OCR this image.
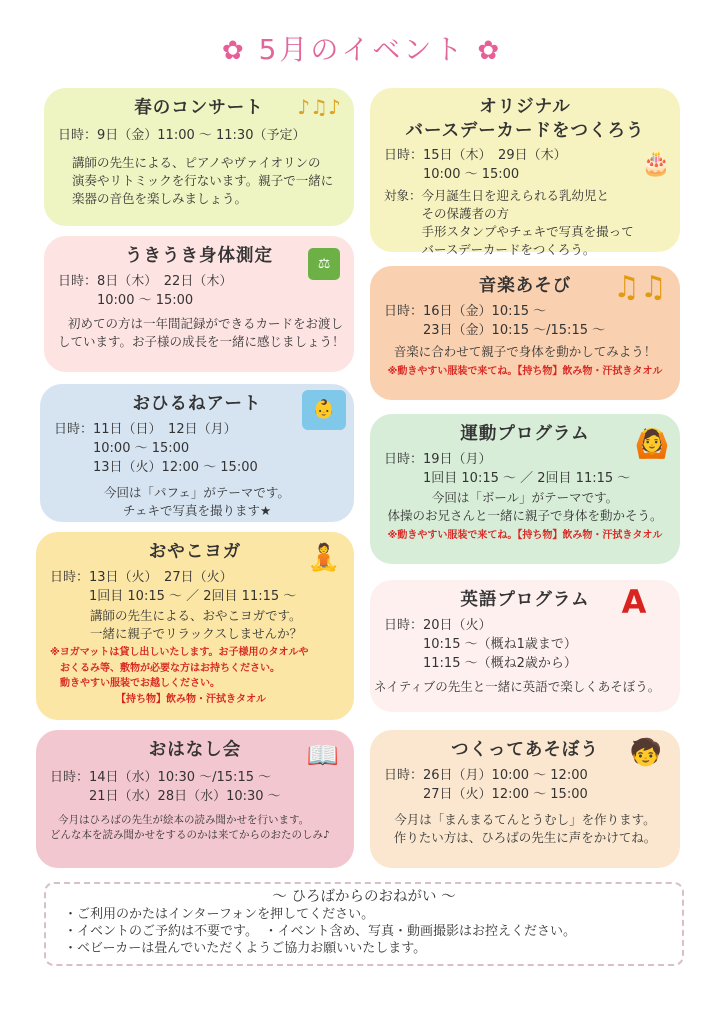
✿ 5月のイベント ✿
春のコンサート	♪♫♪
日時：9日（金）11:00 ～ 11:30（予定）
講師の先生による、ピアノやヴァイオリンの
演奏やリトミックを行ないます。親子で一緒に
楽器の音色を楽しみましょう。
うきうき身体測定	⚖
日時：8日（木）　22日（木）
　　　10:00 ～ 15:00
初めての方は一年間記録ができるカードをお渡し
しています。お子様の成長を一緒に感じましょう！
おひるねアート	👶
日時：11日（日）　12日（月）
　　　10:00 ～ 15:00
　　　13日（火）12:00 ～ 15:00
今回は「パフェ」がテーマです。
チェキで写真を撮ります★
おやこヨガ	🧘
日時：13日（火）　27日（火）
　　　1回目 10:15 ～ ／ 2回目 11:15 ～
講師の先生による、おやこヨガです。
一緒に親子でリラックスしませんか？
※ヨガマットは貸し出しいたします。お子様用のタオルや
おくるみ等、敷物が必要な方はお持ちください。
動きやすい服装でお越しください。
【持ち物】飲み物・汗拭きタオル
おはなし会	📖
日時：14日（水）10:30 ～/15:15 ～
　　　21日（水）28日（水）10:30 ～
今月はひろばの先生が絵本の読み聞かせを行います。
どんな本を読み聞かせをするのかは来てからのおたのしみ♪
オリジナル
バースデーカードをつくろう
🎂
日時：15日（木）　29日（木）
　　　10:00 ～ 15:00
対象：今月誕生日を迎えられる乳幼児と
　　　その保護者の方
　　　手形スタンプやチェキで写真を撮って
　　　バースデーカードをつくろう。
音楽あそび	♫♫
日時：16日（金）10:15 ～
　　　23日（金）10:15 ～/15:15 ～
音楽に合わせて親子で身体を動かしてみよう！
※動きやすい服装で来てね。【持ち物】飲み物・汗拭きタオル
運動プログラム	🙆
日時：19日（月）
　　　1回目 10:15 ～ ／ 2回目 11:15 ～
今回は「ボール」がテーマです。
体操のお兄さんと一緒に親子で身体を動かそう。
※動きやすい服装で来てね。【持ち物】飲み物・汗拭きタオル
英語プログラム A
日時：20日（火）
　　　10:15 ～（概ね1歳まで）
　　　11:15 ～（概ね2歳から）
ネイティブの先生と一緒に英語で楽しくあそぼう。
つくってあそぼう	🧒
日時：26日（月）10:00 ～ 12:00
　　　27日（火）12:00 ～ 15:00
今月は「まんまるてんとうむし」を作ります。
作りたい方は、ひろばの先生に声をかけてね。
～ ひろばからのおねがい ～
・ご利用のかたはインターフォンを押してください。
・イベントのご予約は不要です。　・イベント含め、写真・動画撮影はお控えください。
・ベビーカーは畳んでいただくようご協力お願いいたします。
